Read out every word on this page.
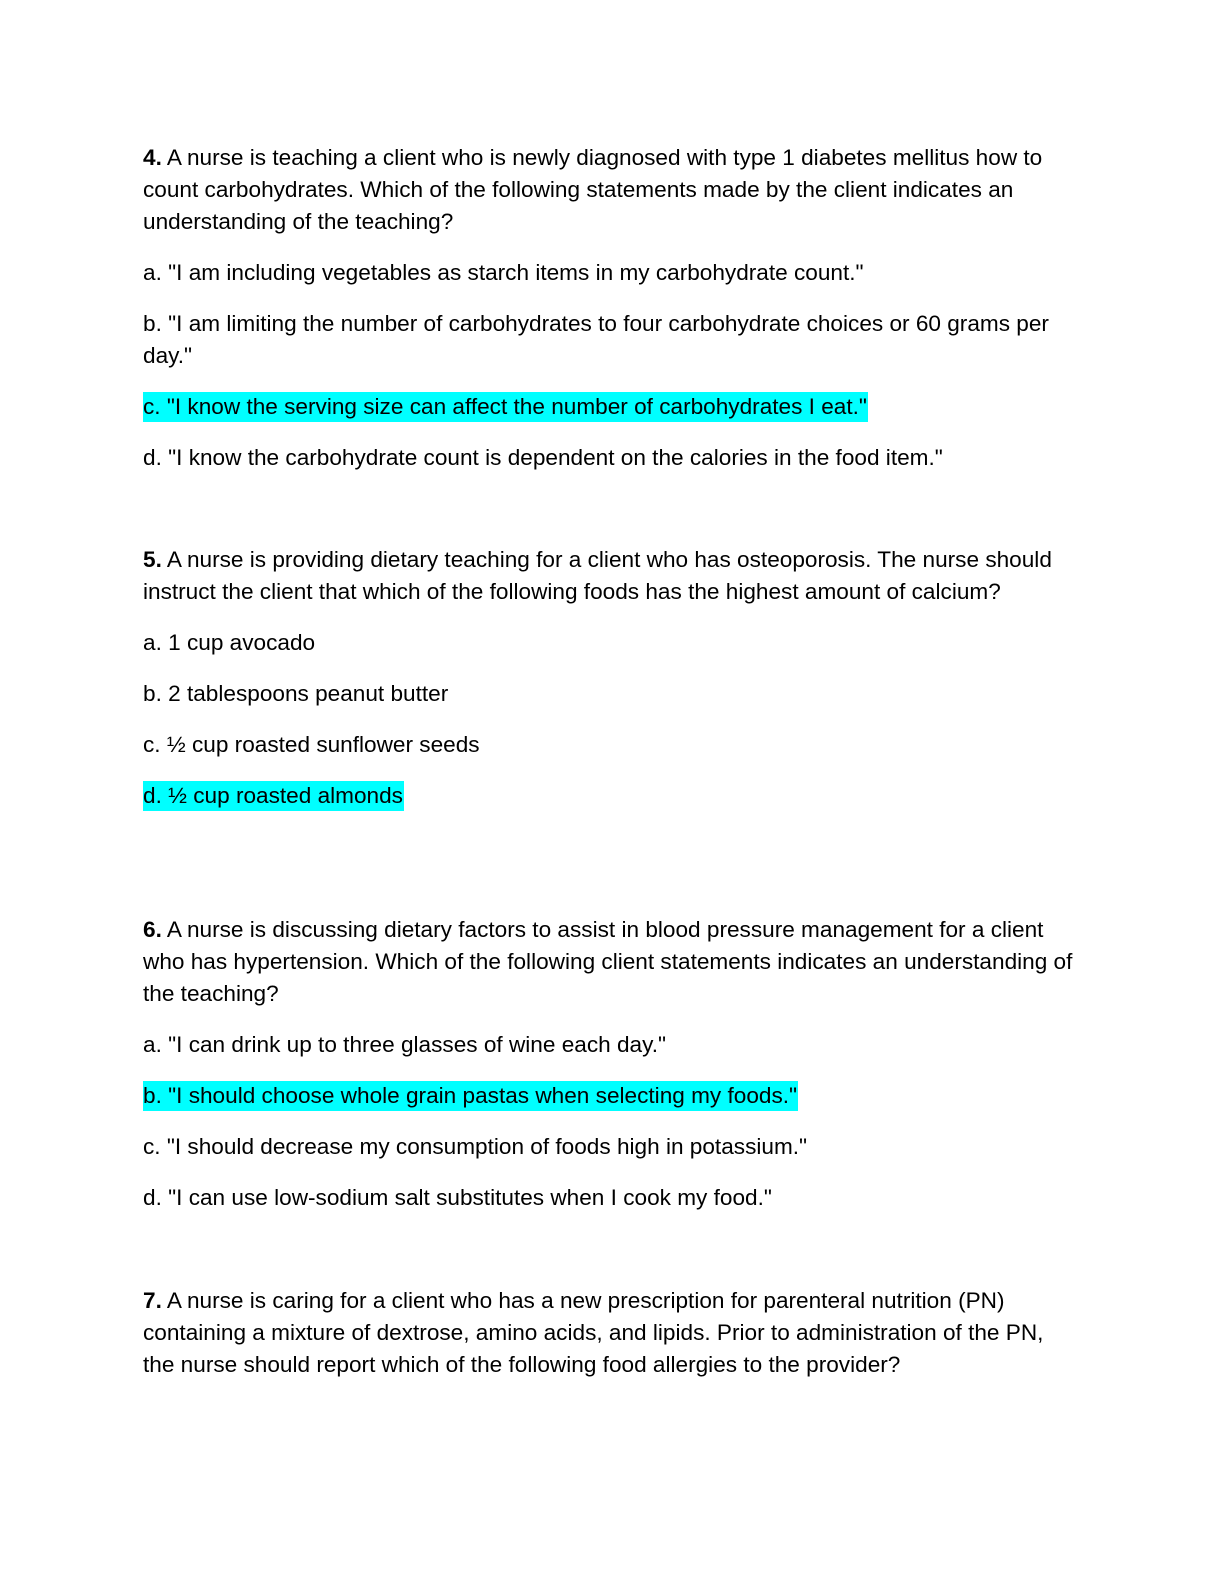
4. A nurse is teaching a client who is newly diagnosed with type 1 diabetes mellitus how to count carbohydrates. Which of the following statements made by the client indicates an understanding of the teaching?

a. "I am including vegetables as starch items in my carbohydrate count."

b. "I am limiting the number of carbohydrates to four carbohydrate choices or 60 grams per day."

c. "I know the serving size can affect the number of carbohydrates I eat."

d. "I know the carbohydrate count is dependent on the calories in the food item."

5. A nurse is providing dietary teaching for a client who has osteoporosis. The nurse should instruct the client that which of the following foods has the highest amount of calcium?

a. 1 cup avocado

b. 2 tablespoons peanut butter

c. ½ cup roasted sunflower seeds

d. ½ cup roasted almonds

6. A nurse is discussing dietary factors to assist in blood pressure management for a client who has hypertension. Which of the following client statements indicates an understanding of the teaching?

a. "I can drink up to three glasses of wine each day."

b. "I should choose whole grain pastas when selecting my foods."

c. "I should decrease my consumption of foods high in potassium."

d. "I can use low-sodium salt substitutes when I cook my food."

7. A nurse is caring for a client who has a new prescription for parenteral nutrition (PN) containing a mixture of dextrose, amino acids, and lipids. Prior to administration of the PN, the nurse should report which of the following food allergies to the provider?
